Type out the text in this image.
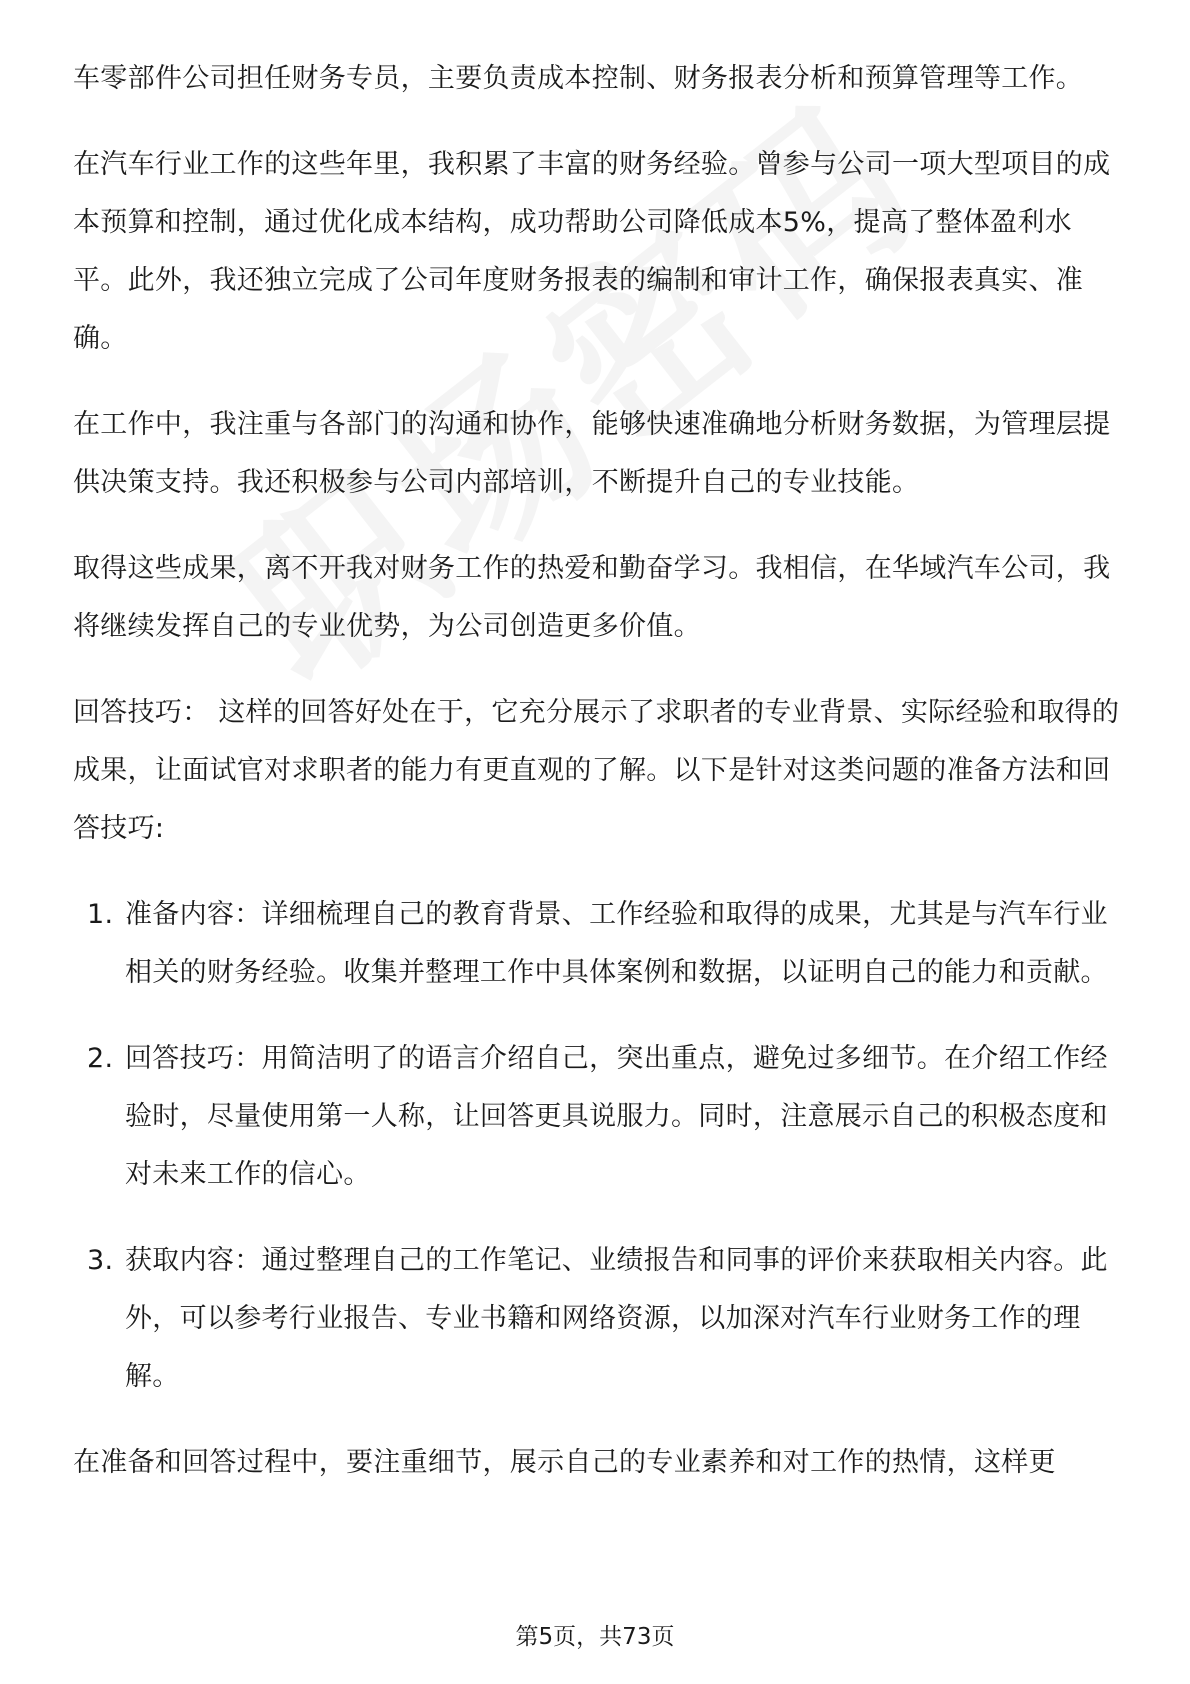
车零部件公司担任财务专员，主要负责成本控制、财务报表分析和预算管理等工作。

在汽车行业工作的这些年里，我积累了丰富的财务经验。曾参与公司一项大型项目的成本预算和控制，通过优化成本结构，成功帮助公司降低成本5%，提高了整体盈利水平。此外，我还独立完成了公司年度财务报表的编制和审计工作，确保报表真实、准确。

在工作中，我注重与各部门的沟通和协作，能够快速准确地分析财务数据，为管理层提供决策支持。我还积极参与公司内部培训，不断提升自己的专业技能。

取得这些成果，离不开我对财务工作的热爱和勤奋学习。我相信，在华域汽车公司，我将继续发挥自己的专业优势，为公司创造更多价值。

回答技巧： 这样的回答好处在于，它充分展示了求职者的专业背景、实际经验和取得的成果，让面试官对求职者的能力有更直观的了解。以下是针对这类问题的准备方法和回答技巧:

1. 准备内容：详细梳理自己的教育背景、工作经验和取得的成果，尤其是与汽车行业相关的财务经验。收集并整理工作中具体案例和数据，以证明自己的能力和贡献。
2. 回答技巧：用简洁明了的语言介绍自己，突出重点，避免过多细节。在介绍工作经验时，尽量使用第一人称，让回答更具说服力。同时，注意展示自己的积极态度和对未来工作的信心。
3. 获取内容：通过整理自己的工作笔记、业绩报告和同事的评价来获取相关内容。此外，可以参考行业报告、专业书籍和网络资源，以加深对汽车行业财务工作的理解。

在准备和回答过程中，要注重细节，展示自己的专业素养和对工作的热情，这样更

第5页，共73页
